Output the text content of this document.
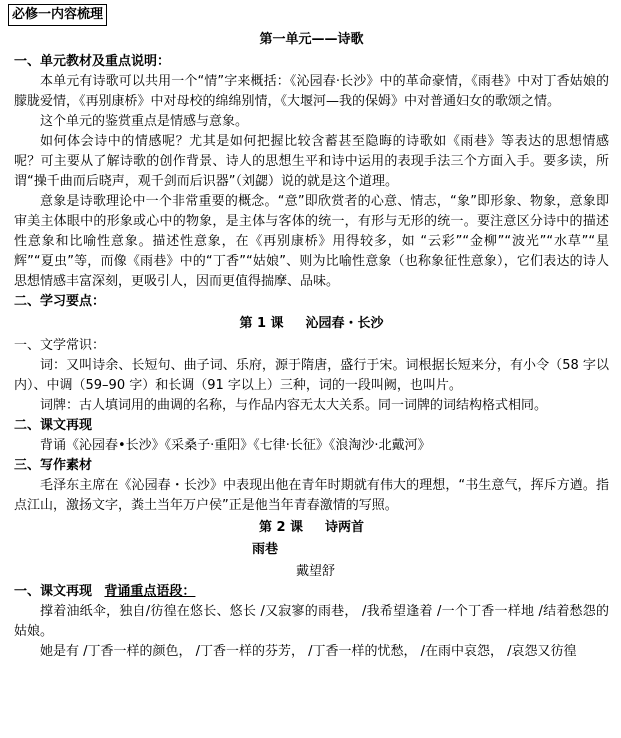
必修一内容梳理
第一单元——诗歌
一、单元教材及重点说明：

本单元有诗歌可以共用一个“情”字来概括：《沁园春·长沙》中的革命豪情，《雨巷》中对丁香姑娘的朦胧爱情，《再别康桥》中对母校的绵绵别情，《大堰河—我的保姆》中对普通妇女的歌颂之情。

这个单元的鉴赏重点是情感与意象。

如何体会诗中的情感呢？尤其是如何把握比较含蓄甚至隐晦的诗歌如《雨巷》等表达的思想情感呢？可主要从了解诗歌的创作背景、诗人的思想生平和诗中运用的表现手法三个方面入手。要多读，所谓“操千曲而后晓声，观千剑而后识器”（刘勰）说的就是这个道理。

意象是诗歌理论中一个非常重要的概念。“意”即欣赏者的心意、情志，“象”即形象、物象，意象即审美主体眼中的形象或心中的物象，是主体与客体的统一，有形与无形的统一。要注意区分诗中的描述性意象和比喻性意象。描述性意象，在《再别康桥》用得较多，如 “云彩”“金柳”“波光”“水草”“星辉”“夏虫”等，而像《雨巷》中的“丁香”“姑娘”、则为比喻性意象（也称象征性意象），它们表达的诗人思想情感丰富深刻，更吸引人，因而更值得揣摩、品味。

二、学习要点：
第 1 课 沁园春・长沙
一、文学常识：

词：又叫诗余、长短句、曲子词、乐府，源于隋唐，盛行于宋。词根据长短来分，有小令（58 字以内）、中调（59–90 字）和长调（91 字以上）三种，词的一段叫阙，也叫片。

词牌：古人填词用的曲调的名称，与作品内容无太大关系。同一词牌的词结构格式相同。

二、课文再现

背诵《沁园春•长沙》《采桑子·重阳》《七律·长征》《浪淘沙·北戴河》

三、写作素材

毛泽东主席在《沁园春・长沙》中表现出他在青年时期就有伟大的理想，“书生意气，挥斥方遒。指点江山，激扬文字，粪土当年万户侯”正是他当年青春激情的写照。

第 2 课 诗两首
雨巷
戴望舒
一、课文再现 背诵重点语段：

撑着油纸伞，独自/彷徨在悠长、悠长 /又寂寥的雨巷， /我希望逢着 /一个丁香一样地 /结着愁怨的姑娘。

她是有 /丁香一样的颜色， /丁香一样的芬芳， /丁香一样的忧愁， /在雨中哀怨， /哀怨又彷徨
